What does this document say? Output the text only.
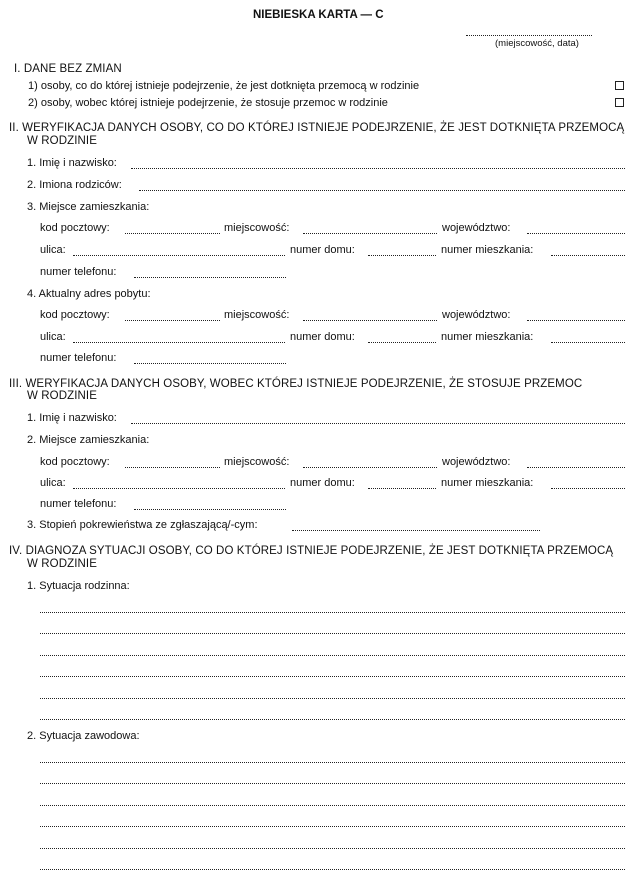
NIEBIESKA KARTA — C
(miejscowość, data)
I. DANE BEZ ZMIAN
1) osoby, co do której istnieje podejrzenie, że jest dotknięta przemocą w rodzinie
2) osoby, wobec której istnieje podejrzenie, że stosuje przemoc w rodzinie
II. WERYFIKACJA DANYCH OSOBY, CO DO KTÓREJ ISTNIEJE PODEJRZENIE, ŻE JEST DOTKNIĘTA PRZEMOCĄ
W RODZINIE
1. Imię i nazwisko:
2. Imiona rodziców:
3. Miejsce zamieszkania:
kod pocztowy:	miejscowość:	województwo:
ulica:	numer domu:	numer mieszkania:
numer telefonu:
4. Aktualny adres pobytu:
kod pocztowy:	miejscowość:	województwo:
ulica:	numer domu:	numer mieszkania:
numer telefonu:
III. WERYFIKACJA DANYCH OSOBY, WOBEC KTÓREJ ISTNIEJE PODEJRZENIE, ŻE STOSUJE PRZEMOC
W RODZINIE
1. Imię i nazwisko:
2. Miejsce zamieszkania:
kod pocztowy:	miejscowość:	województwo:
ulica:	numer domu:	numer mieszkania:
numer telefonu:
3. Stopień pokrewieństwa ze zgłaszającą/-cym:
IV. DIAGNOZA SYTUACJI OSOBY, CO DO KTÓREJ ISTNIEJE PODEJRZENIE, ŻE JEST DOTKNIĘTA PRZEMOCĄ
W RODZINIE
1. Sytuacja rodzinna:
2. Sytuacja zawodowa:
